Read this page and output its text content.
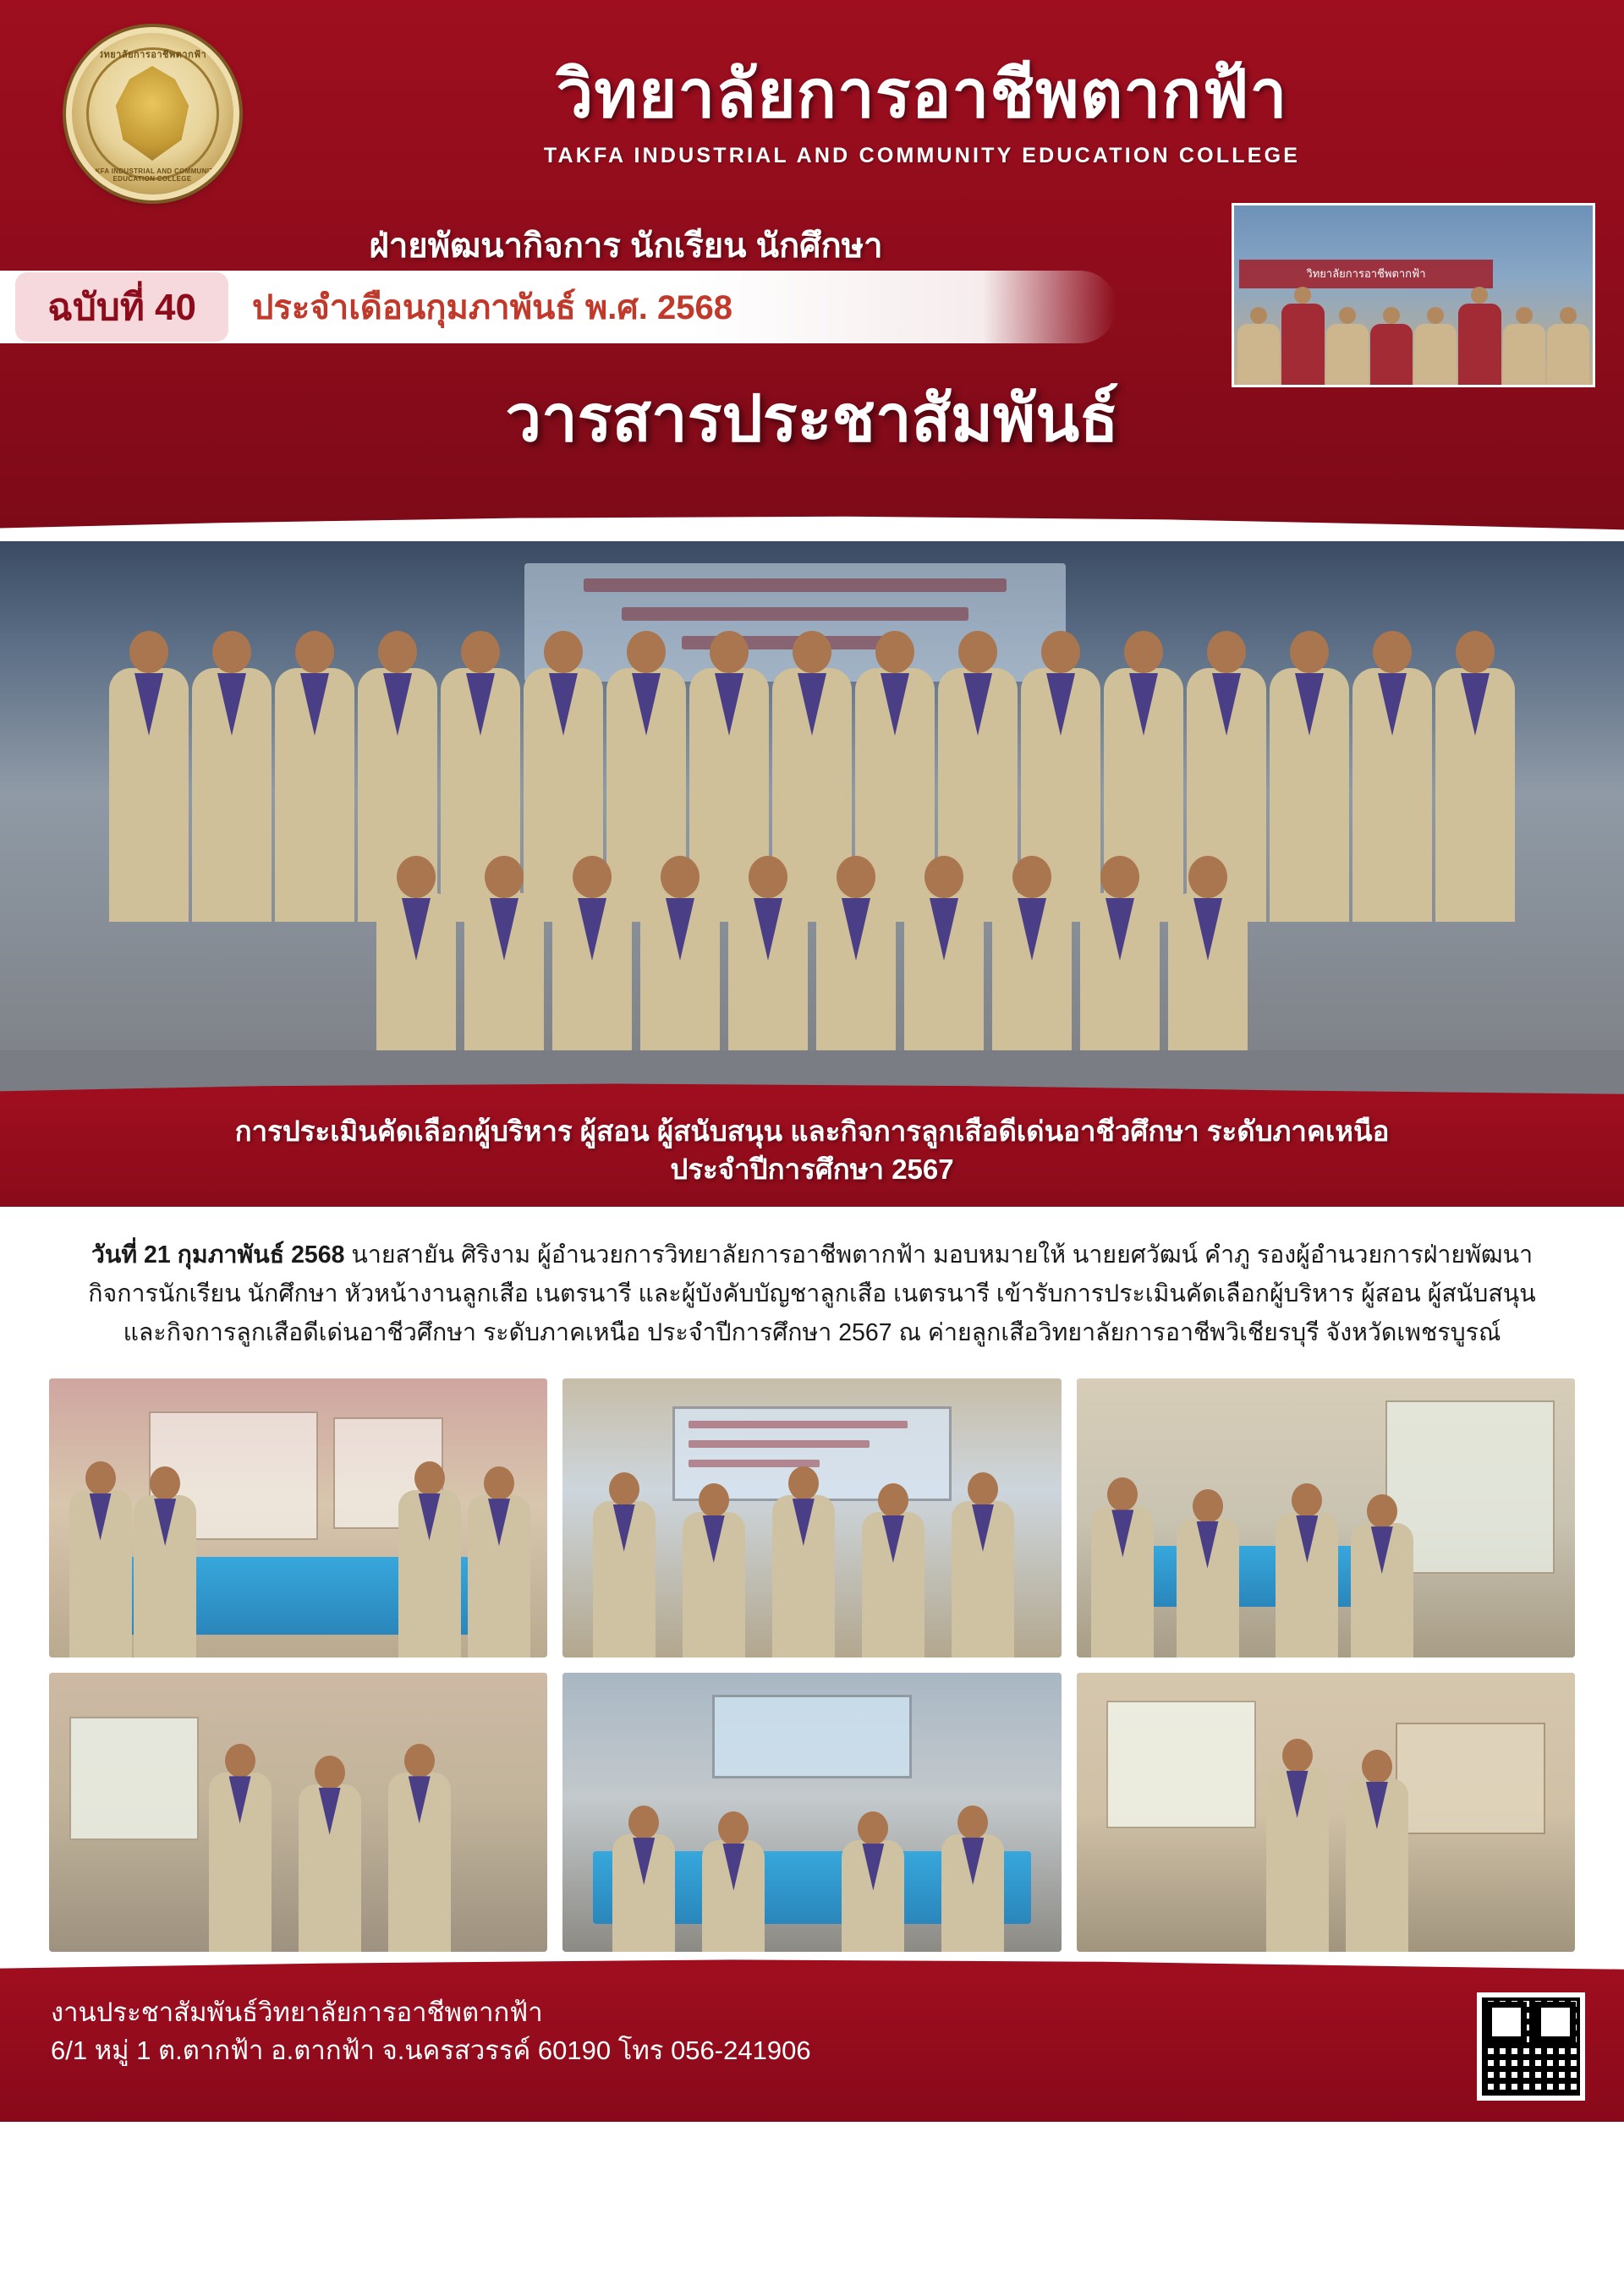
วิทยาลัยการอาชีพตากฟ้า
TAKFA INDUSTRIAL AND COMMUNITY EDUCATION COLLEGE
วิทยาลัยการอาชีพตากฟ้า
TAKFA INDUSTRIAL AND COMMUNITY EDUCATION COLLEGE
ฝ่ายพัฒนากิจการ นักเรียน นักศึกษา
ฉบับที่ 40	ประจำเดือนกุมภาพันธ์ พ.ศ. 2568
วิทยาลัยการอาชีพตากฟ้า
วารสารประชาสัมพันธ์
การประเมินคัดเลือกผู้บริหาร ผู้สอน ผู้สนับสนุน และกิจการลูกเสือดีเด่นอาชีวศึกษา ระดับภาคเหนือ
ประจำปีการศึกษา 2567
วันที่ 21 กุมภาพันธ์ 2568 นายสายัน ศิริงาม ผู้อำนวยการวิทยาลัยการอาชีพตากฟ้า มอบหมายให้ นายยศวัฒน์ คำภู รองผู้อำนวยการฝ่ายพัฒนากิจการนักเรียน นักศึกษา หัวหน้างานลูกเสือ เนตรนารี และผู้บังคับบัญชาลูกเสือ เนตรนารี เข้ารับการประเมินคัดเลือกผู้บริหาร ผู้สอน ผู้สนับสนุน และกิจการลูกเสือดีเด่นอาชีวศึกษา ระดับภาคเหนือ ประจำปีการศึกษา 2567 ณ ค่ายลูกเสือวิทยาลัยการอาชีพวิเชียรบุรี จังหวัดเพชรบูรณ์
งานประชาสัมพันธ์วิทยาลัยการอาชีพตากฟ้า
6/1 หมู่ 1 ต.ตากฟ้า อ.ตากฟ้า จ.นครสวรรค์ 60190 โทร 056-241906
